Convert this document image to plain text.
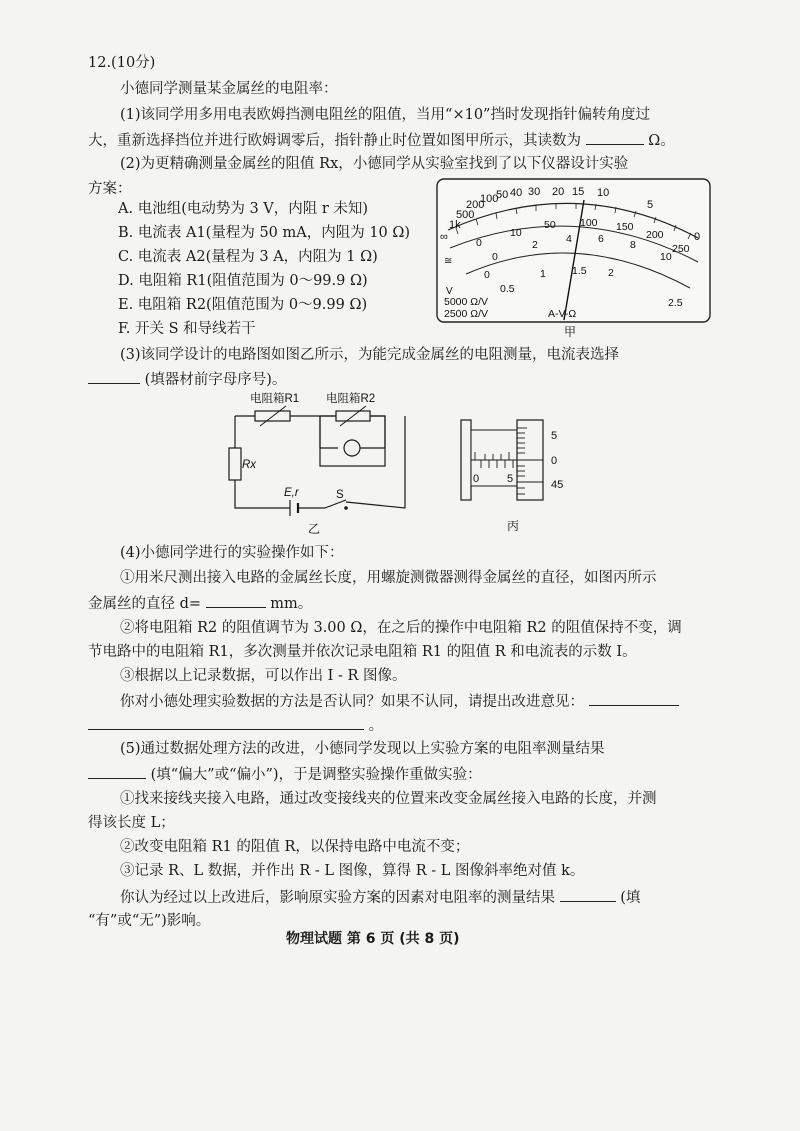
12.(10分)
小德同学测量某金属丝的电阻率：
(1)该同学用多用电表欧姆挡测电阻丝的阻值，当用“×10”挡时发现指针偏转角度过
大，重新选择挡位并进行欧姆调零后，指针静止时位置如图甲所示，其读数为	Ω。
(2)为更精确测量金属丝的阻值 Rx，小德同学从实验室找到了以下仪器设计实验
方案：
A. 电池组(电动势为 3 V，内阻 r 未知)
B. 电流表 A1(量程为 50 mA，内阻为 10 Ω)
C. 电流表 A2(量程为 3 A，内阻为 1 Ω)
D. 电阻箱 R1(阻值范围为 0～99.9 Ω)
E. 电阻箱 R2(阻值范围为 0～9.99 Ω)
F. 开关 S 和导线若干
(3)该同学设计的电路图如图乙所示，为能完成金属丝的电阻测量，电流表选择
(填器材前字母序号)。
∞
1k
500
200
100
50 40 30 20 15 10
5
0
0
10
50 100 150
200
250
0
2	4 6 8
10
0
0.5
1 1.5 2
2.5
≅
V
5000 Ω/V
2500 Ω/V	A-V-Ω
甲
电阻箱R1 电阻箱R2
Rx
E,r	S
乙
0	5
5
0
45
丙
(4)小德同学进行的实验操作如下：
①用米尺测出接入电路的金属丝长度，用螺旋测微器测得金属丝的直径，如图丙所示
金属丝的直径 d=	mm。
②将电阻箱 R2 的阻值调节为 3.00 Ω，在之后的操作中电阻箱 R2 的阻值保持不变，调
节电路中的电阻箱 R1，多次测量并依次记录电阻箱 R1 的阻值 R 和电流表的示数 I。
③根据以上记录数据，可以作出 I - R 图像。
你对小德处理实验数据的方法是否认同？如果不认同，请提出改进意见：
。
(5)通过数据处理方法的改进，小德同学发现以上实验方案的电阻率测量结果
(填“偏大”或“偏小”)，于是调整实验操作重做实验：
①找来接线夹接入电路，通过改变接线夹的位置来改变金属丝接入电路的长度，并测
得该长度 L；
②改变电阻箱 R1 的阻值 R，以保持电路中电流不变；
③记录 R、L 数据，并作出 R - L 图像，算得 R - L 图像斜率绝对值 k。
你认为经过以上改进后，影响原实验方案的因素对电阻率的测量结果	(填
“有”或“无”)影响。
物理试题 第 6 页 (共 8 页)
